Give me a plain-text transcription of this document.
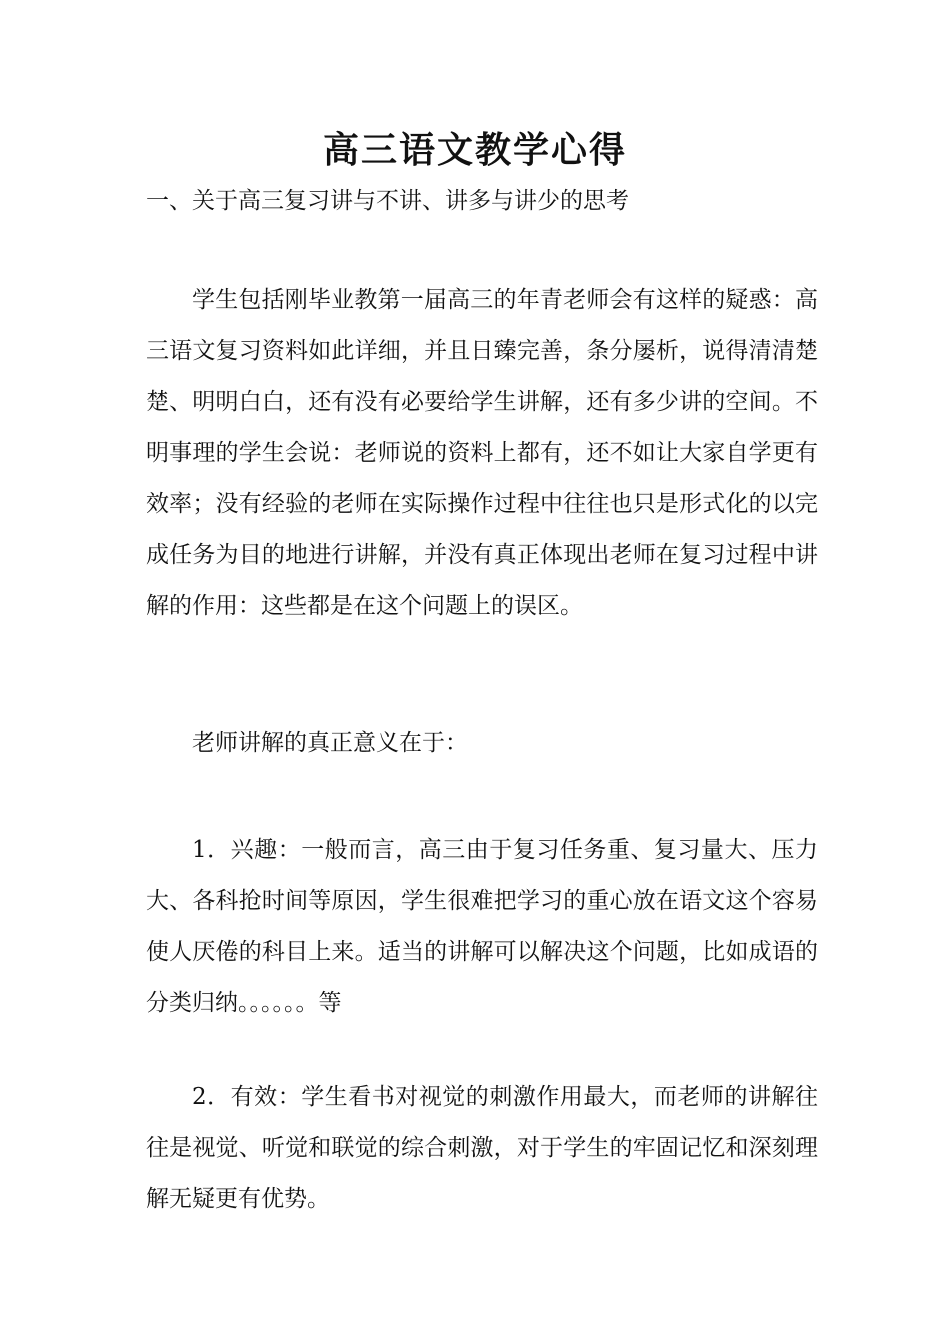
高三语文教学心得
一、关于高三复习讲与不讲、讲多与讲少的思考

学生包括刚毕业教第一届高三的年青老师会有这样的疑惑：高三语文复习资料如此详细，并且日臻完善，条分屡析，说得清清楚楚、明明白白，还有没有必要给学生讲解，还有多少讲的空间。不明事理的学生会说：老师说的资料上都有，还不如让大家自学更有效率；没有经验的老师在实际操作过程中往往也只是形式化的以完成任务为目的地进行讲解，并没有真正体现出老师在复习过程中讲解的作用：这些都是在这个问题上的误区。

老师讲解的真正意义在于：

1．兴趣：一般而言，高三由于复习任务重、复习量大、压力大、各科抢时间等原因，学生很难把学习的重心放在语文这个容易使人厌倦的科目上来。适当的讲解可以解决这个问题，比如成语的分类归纳。。。。。。等

2．有效：学生看书对视觉的刺激作用最大，而老师的讲解往往是视觉、听觉和联觉的综合刺激，对于学生的牢固记忆和深刻理解无疑更有优势。
